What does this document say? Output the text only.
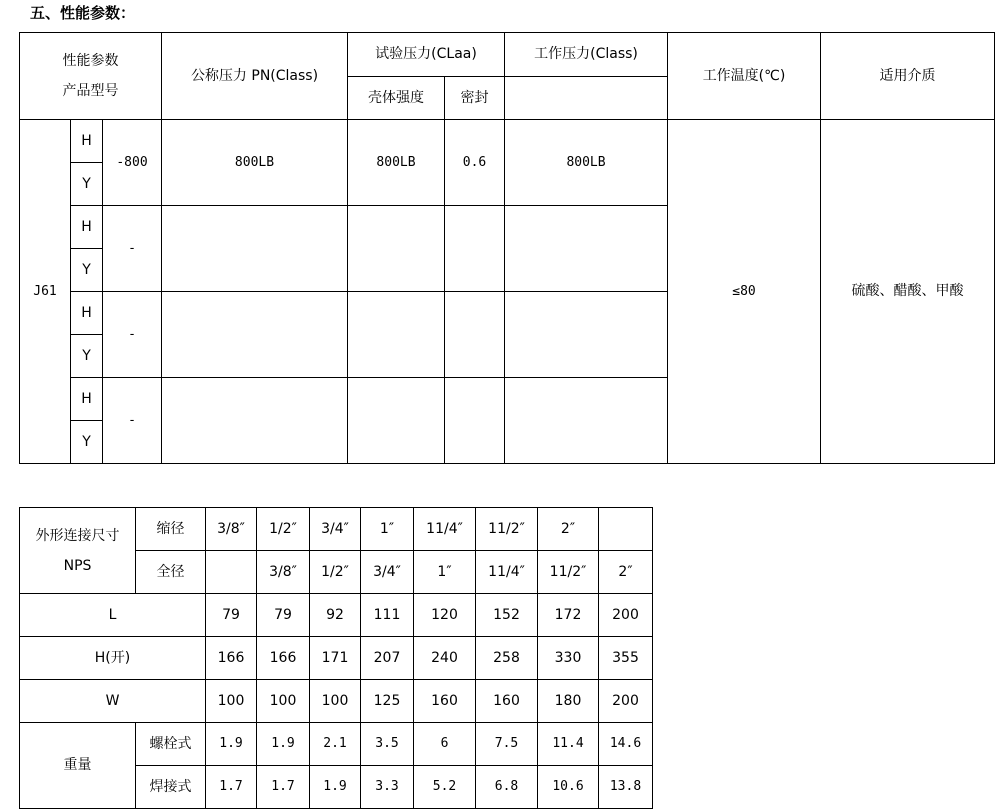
五、性能参数：
性能参数
产品型号			公称压力 PN(Class)	试验压力(CLaa)		工作压力(Class)	工作温度(℃)	适用介质
				壳体强度	密封			
J61	H	-800	800LB	800LB	0.6	800LB	≤80	硫酸、醋酸、甲酸
	Y							
	H	-						
	Y							
	H	-						
	Y							
	H	-						
	Y							
外形连接尺寸
NPS	缩径	3/8″	1/2″	3/4″	1″	11/4″	11/2″	2″	
	全径		3/8″	1/2″	3/4″	1″	11/4″	11/2″	2″
L		79	79	92	111	120	152	172	200
H(开)		166	166	171	207	240	258	330	355
W		100	100	100	125	160	160	180	200
重量	螺栓式	1.9	1.9	2.1	3.5	6	7.5	11.4	14.6
	焊接式	1.7	1.7	1.9	3.3	5.2	6.8	10.6	13.8
